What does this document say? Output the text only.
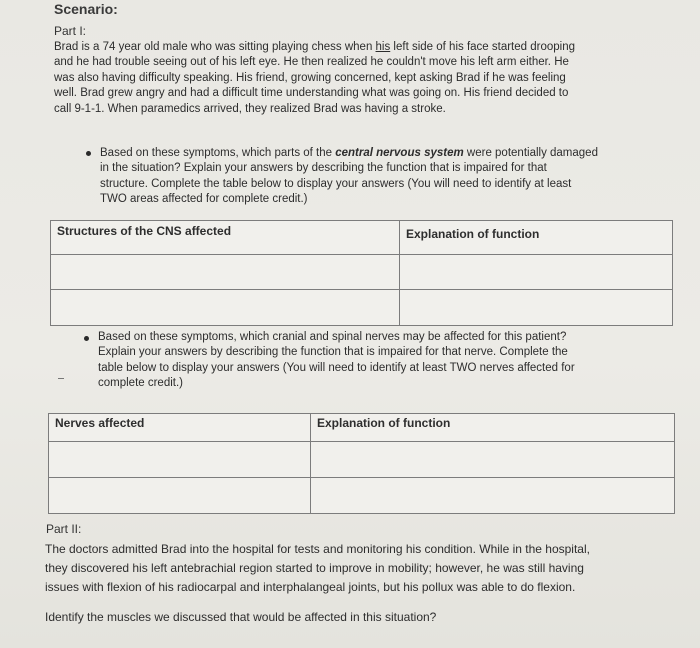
Scenario:
Part I:
Brad is a 74 year old male who was sitting playing chess when his left side of his face started drooping
and he had trouble seeing out of his left eye. He then realized he couldn't move his left arm either. He
was also having difficulty speaking. His friend, growing concerned, kept asking Brad if he was feeling
well. Brad grew angry and had a difficult time understanding what was going on. His friend decided to
call 9-1-1. When paramedics arrived, they realized Brad was having a stroke.
Based on these symptoms, which parts of the central nervous system were potentially damaged
in the situation? Explain your answers by describing the function that is impaired for that
structure. Complete the table below to display your answers (You will need to identify at least
TWO areas affected for complete credit.)
Structures of the CNS affected	Explanation of function

Based on these symptoms, which cranial and spinal nerves may be affected for this patient?
Explain your answers by describing the function that is impaired for that nerve. Complete the
table below to display your answers (You will need to identify at least TWO nerves affected for
complete credit.)
Nerves affected	Explanation of function

Part II:
The doctors admitted Brad into the hospital for tests and monitoring his condition. While in the hospital,
they discovered his left antebrachial region started to improve in mobility; however, he was still having
issues with flexion of his radiocarpal and interphalangeal joints, but his pollux was able to do flexion.
Identify the muscles we discussed that would be affected in this situation?
